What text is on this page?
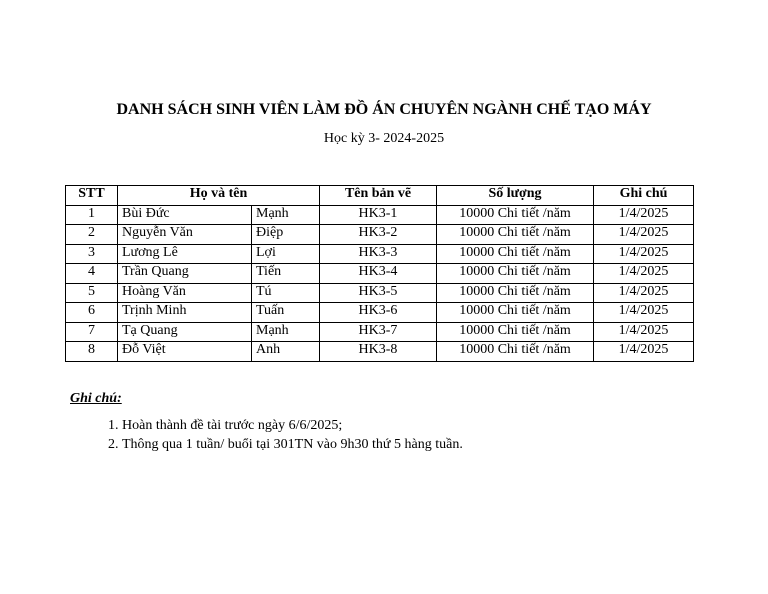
DANH SÁCH SINH VIÊN LÀM ĐỒ ÁN CHUYÊN NGÀNH CHẾ TẠO MÁY
Học kỳ 3- 2024-2025
STT	Họ và tên		Tên bản vẽ	Số lượng	Ghi chú
1	Bùi Đức	Mạnh	HK3-1	10000 Chi tiết /năm	1/4/2025
2	Nguyễn Văn	Điệp	HK3-2	10000 Chi tiết /năm	1/4/2025
3	Lương Lê	Lợi	HK3-3	10000 Chi tiết /năm	1/4/2025
4	Trần Quang	Tiến	HK3-4	10000 Chi tiết /năm	1/4/2025
5	Hoàng Văn	Tú	HK3-5	10000 Chi tiết /năm	1/4/2025
6	Trịnh Minh	Tuấn	HK3-6	10000 Chi tiết /năm	1/4/2025
7	Tạ Quang	Mạnh	HK3-7	10000 Chi tiết /năm	1/4/2025
8	Đỗ Việt	Anh	HK3-8	10000 Chi tiết /năm	1/4/2025
Ghi chú:
1. Hoàn thành đề tài trước ngày 6/6/2025;
2. Thông qua 1 tuần/ buổi tại 301TN vào 9h30 thứ 5 hàng tuần.
